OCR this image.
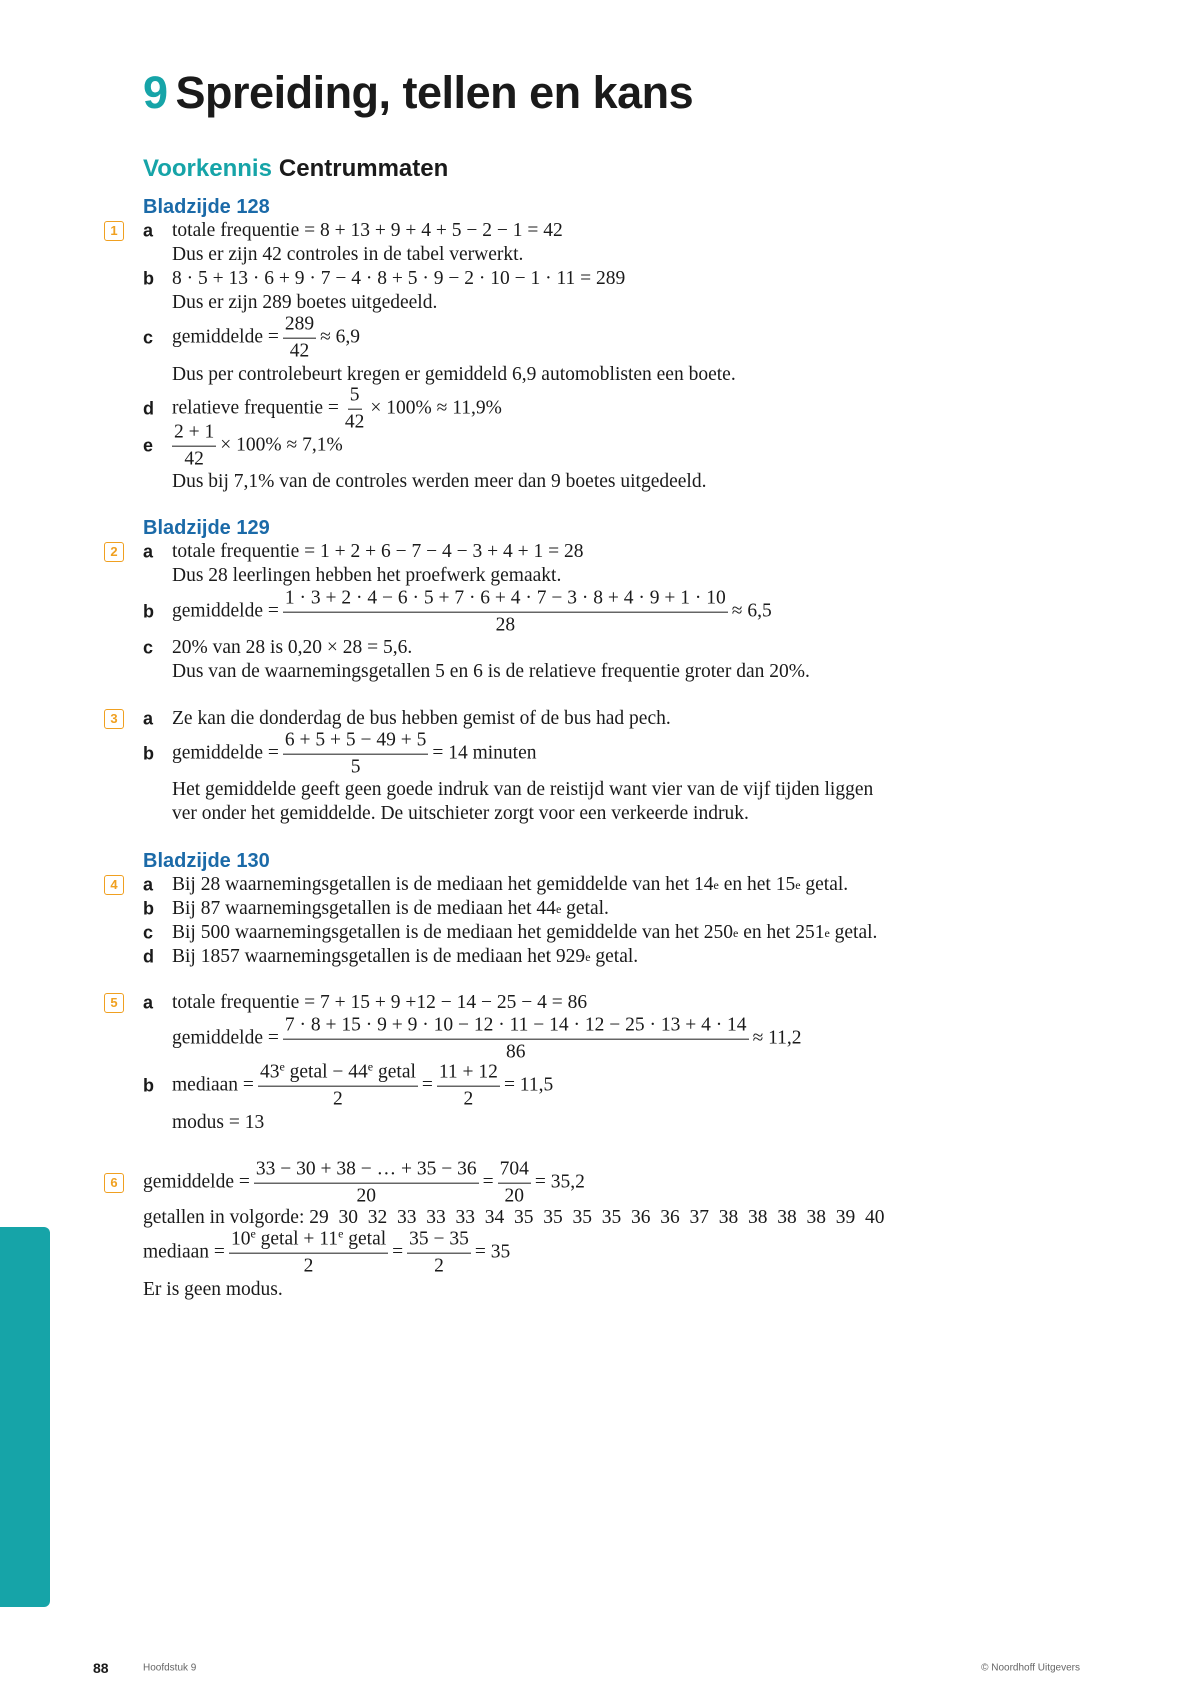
9 Spreiding, tellen en kans
Voorkennis Centrummaten
Bladzijde 128
1	a totale frequentie = 8 + 13 + 9 + 4 + 5 − 2 − 1 = 42
Dus er zijn 42 controles in de tabel verwerkt.
b 8 · 5 + 13 · 6 + 9 · 7 − 4 · 8 + 5 · 9 − 2 · 10 − 1 · 11 = 289
Dus er zijn 289 boetes uitgedeeld.
c gemiddelde = $\frac{289}{42} \approx 6,9$
Dus per controlebeurt kregen er gemiddeld 6,9 automoblisten een boete.
d relatieve frequentie = $\frac{5}{42} \times 100\% \approx 11,9\%$
e $\frac{2 + 1}{42} \times 100\% \approx 7,1\%$
Dus bij 7,1% van de controles werden meer dan 9 boetes uitgedeeld.
Bladzijde 129
2	a totale frequentie = 1 + 2 + 6 − 7 − 4 − 3 + 4 + 1 = 28
Dus 28 leerlingen hebben het proefwerk gemaakt.
b gemiddelde =
1 · 3 + 2 · 4 − 6 · 5 + 7 · 6 + 4 · 7 − 3 · 8 + 4 · 9 + 1 · 10
28
≈ 6,5
c 20% van 28 is 0,20 × 28 = 5,6.
Dus van de waarnemingsgetallen 5 en 6 is de relatieve frequentie groter dan 20%.
3	a Ze kan die donderdag de bus hebben gemist of de bus had pech.
b gemiddelde = $\frac{6 + 5 + 5 - 49 + 5}{5} = 14$ minuten
Het gemiddelde geeft geen goede indruk van de reistijd want vier van de vijf tijden liggen
ver onder het gemiddelde. De uitschieter zorgt voor een verkeerde indruk.
Bladzijde 130
4	a Bij 28 waarnemingsgetallen is de mediaan het gemiddelde van het 14 e en het 15 e getal.
b Bij 87 waarnemingsgetallen is de mediaan het 44 e getal.
c Bij 500 waarnemingsgetallen is de mediaan het gemiddelde van het 250 e en het 251 e getal.
d Bij 1857 waarnemingsgetallen is de mediaan het 929 e getal.
5	a totale frequentie = 7 + 15 + 9 +12 − 14 − 25 − 4 = 86
gemiddelde =
7 · 8 + 15 · 9 + 9 · 10 − 12 · 11 − 14 · 12 − 25 · 13 + 4 · 14
86
≈ 11,2
b mediaan = $\frac{43^e getal - 44^e getal}{2} = \frac{11 + 12}{2} = 11,5$
modus = 13
6	gemiddelde = $\frac{33 - 30 + 38 - \dots + 35 - 36}{20} = \frac{704}{20} = 35,2$
getallen in volgorde: 29  30  32  33  33  33  34  35  35  35  35  36  36  37  38  38  38  38  39  40
mediaan = $\frac{10^e getal + 11^e getal}{2} = \frac{35 - 35}{2} = 35$
Er is geen modus.
88	Hoofdstuk 9	© Noordhoff Uitgevers
